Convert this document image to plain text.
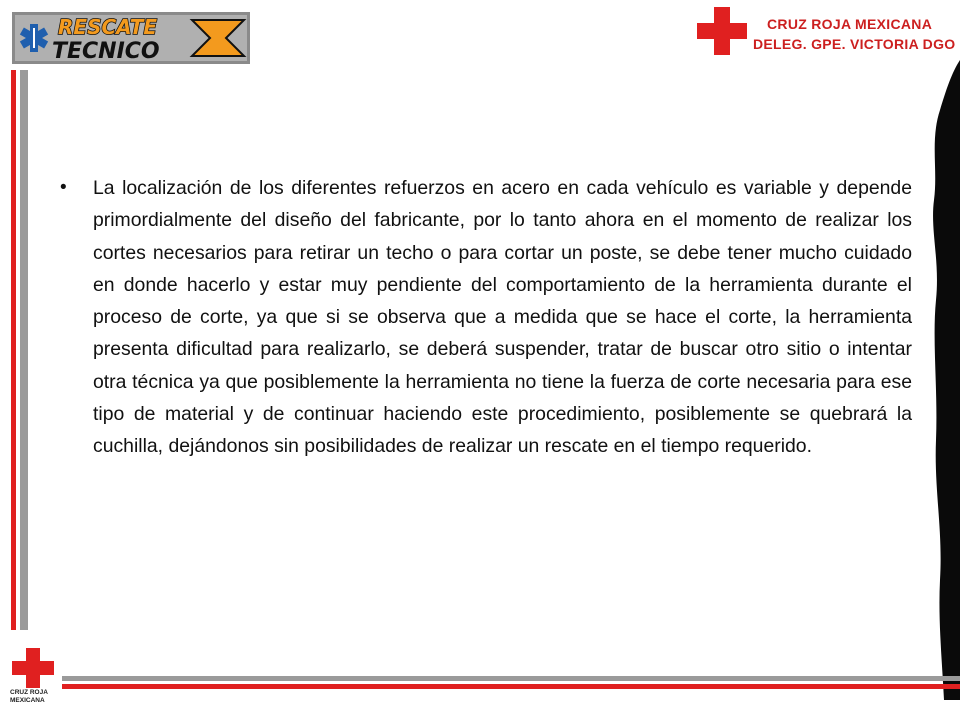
RESCATE
TECNICO
CRUZ ROJA MEXICANA
DELEG. GPE. VICTORIA DGO
• La localización de los diferentes refuerzos en acero en cada vehículo es variable y depende primordialmente del diseño del fabricante, por lo tanto ahora en el momento de realizar los cortes necesarios para retirar un techo o para cortar un poste, se debe tener mucho cuidado en donde hacerlo y estar muy pendiente del comportamiento de la herramienta durante el proceso de corte, ya que si se observa que a medida que se hace el corte, la herramienta presenta dificultad para realizarlo, se deberá suspender, tratar de buscar otro sitio o intentar otra técnica ya que posiblemente la herramienta no tiene la fuerza de corte necesaria para ese tipo de material y de continuar haciendo este procedimiento, posiblemente se quebrará la cuchilla, dejándonos sin posibilidades de realizar un rescate en el tiempo requerido.

CRUZ ROJA
MEXICANA
